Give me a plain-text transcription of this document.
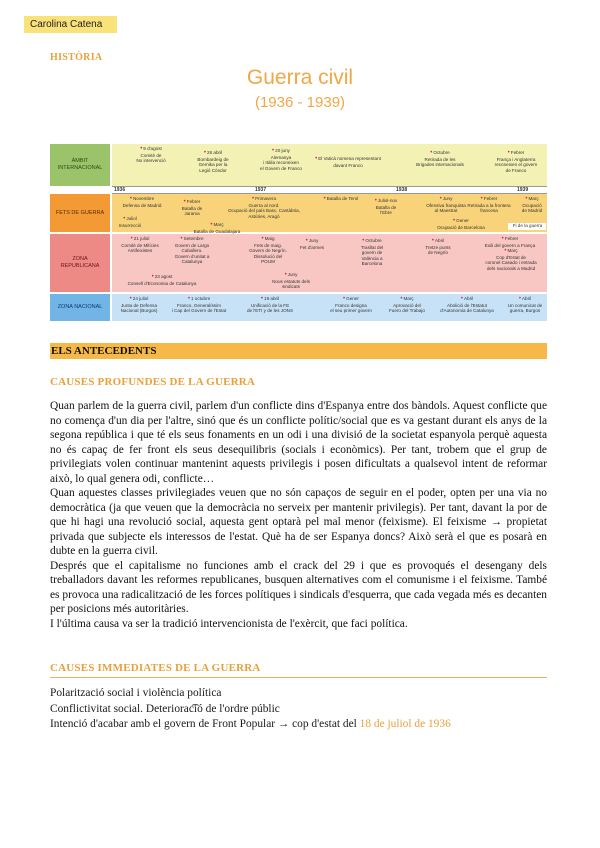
Carolina Catena
HISTÒRIA
Guerra civil
(1936 - 1939)
ÀMBIT INTERNACIONAL
• 9 d'agost
Comitè de
No intervenció
• 26 abril
Bombardeig de
Gernika per la
Legió Còndor
• 20 juny
Alemanya
i Itàlia reconeixen
el Govern de Franco
• El Vaticà nomena representant
davant Franco
• Octubre
Retirada de les
Brigades internacionals
• Febrer
França i Anglaterra
reconeixen el govern
de Franco
1936	1937	1938	1939
FETS DE GUERRA
• Novembre
Defensa de Madrid
• Febrer
Batalla de
Jarama
• Primavera
Guerra al nord.
Ocupació del país Basc, Cantàbria,
Astúries, Aragó
• Batalla de Terol	• Juliol-nov
Batalla de
l'Ebre
• Juny
Ofensiva franquista
al Maestrat
• Gener
Ocupació de Barcelona
• Febrer
Retirada a la frontera
francesa
• Març
Ocupació
de Madrid
Fi de la guerra
• Juliol
Insurrecció	• Març
Batalla de Guadalajara
ZONA REPUBLICANA
• 21 juliol
Comitè de Milícies
Antifeixistes
• Setembre
Govern de Largo
Caballero.
Govern d'unitat a
Catalunya
• Maig
Fets de maig.
Govern de Negrín.
Dissolució del
POUM
• Octubre
Trasllat del
govern de
València a
Barcelona
• Abril
Tretze punts
de Negrín
• Febrer
Exili del govern a França
• Març
Cop d'Estat de
coronel Casado i entrada
dels nacionals a Madrid
• Juny
Nous estatuts dels
sindicats
• 23 agost
Consell d'Economia de Catalunya
• Juny
Fet d'armes
ZONA NACIONAL
• 24 juliol
Junta de Defensa
Nacional (Burgos)
• 1 octubre
Franco, Generalíssim
i Cap del Govern de l'Estat
• 19 abril
Unificació de la FE
de l'ETI y de les JONS
• Gener
Franco designa
el seu primer govern
• Març
Aprovació del
Fuero del Trabajo
• Abril
Abolició de l'Estatut
d'Autonomia de Catalunya
• Abril
Un comunicat de
guerra, Burgos
ELS ANTECEDENTS
CAUSES PROFUNDES DE LA GUERRA

Quan parlem de la guerra civil, parlem d'un conflicte dins d'Espanya entre dos bàndols. Aquest conflicte que no comença d'un dia per l'altre, sinó que és un conflicte polític/social que es va gestant durant els anys de la segona república i que té els seus fonaments en un odi i una divisió de la societat espanyola perquè aquesta no és capaç de fer front els seus desequilibris (socials i econòmics). Per tant, trobem que el grup de privilegiats volen continuar mantenint aquests privilegis i posen dificultats a qualsevol intent de reformar això, lo qual genera odi, conflicte…

Quan aquestes classes privilegiades veuen que no són capaços de seguir en el poder, opten per una via no democràtica (ja que veuen que la democràcia no serveix per mantenir privilegis). Per tant, davant la por de que hi hagi una revolució social, aquesta gent optarà pel mal menor (feixisme). El feixisme → propietat privada que subjecte els interessos de l'estat. Què ha de ser Espanya doncs? Això serà el que es posarà en dubte en la guerra civil.

Després que el capitalisme no funciones amb el crack del 29 i que es provoqués el desengany dels treballadors davant les reformes republicanes, busquen alternatives com el comunisme i el feixisme. També es provoca una radicalització de les forces polítiques i sindicals d'esquerra, que cada vegada més es decanten per posicions més autoritàries.

I l'última causa va ser la tradició intervencionista de l'exèrcit, que faci política.

CAUSES IMMEDIATES DE LA GUERRA
Polarització social i violència política
Conflictivitat social. Deteriorac͡ió de l'ordre públic
Intenció d'acabar amb el govern de Front Popular → cop d'estat del 18 de juliol de 1936
